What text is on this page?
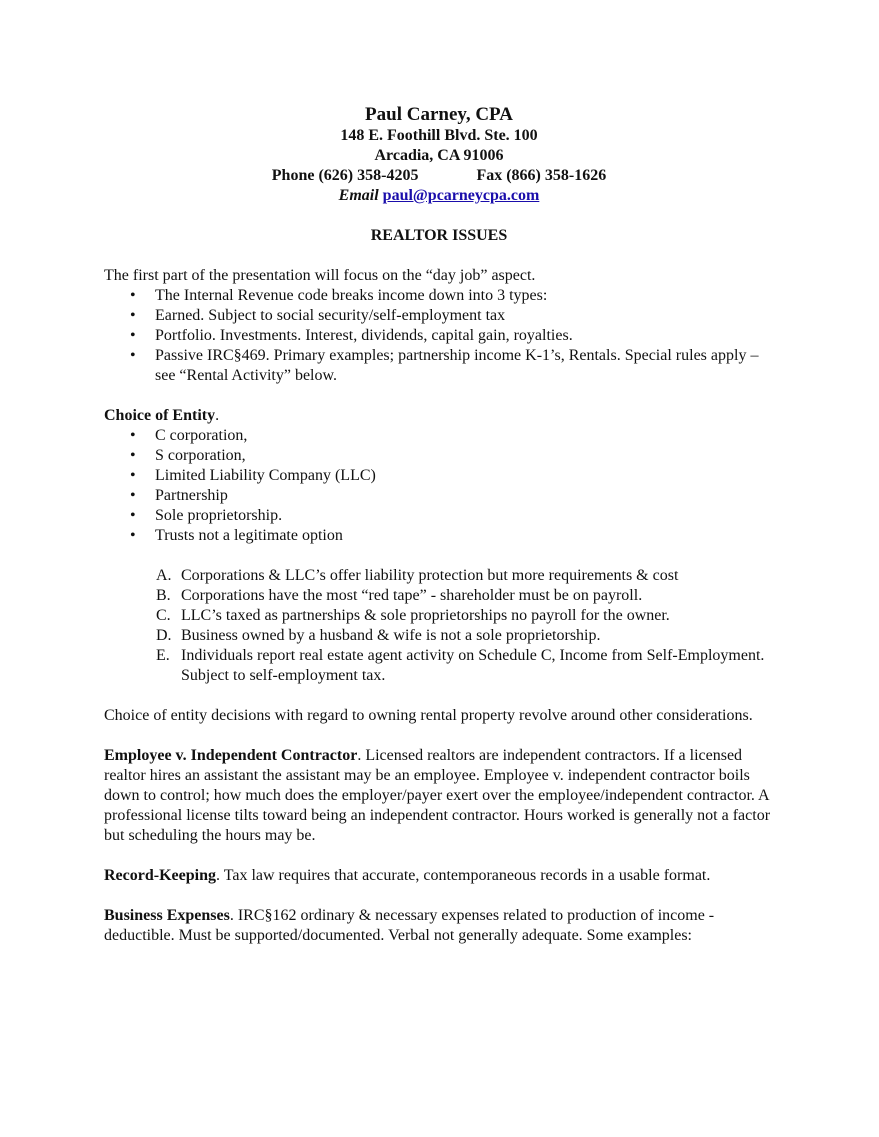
Paul Carney, CPA
148 E. Foothill Blvd. Ste. 100
Arcadia, CA 91006
Phone (626) 358-4205	Fax (866) 358-1626
Email paul@pcarneycpa.com
REALTOR ISSUES

The first part of the presentation will focus on the “day job” aspect.

• The Internal Revenue code breaks income down into 3 types:
• Earned. Subject to social security/self-employment tax
• Portfolio. Investments. Interest, dividends, capital gain, royalties.
• Passive IRC§469. Primary examples; partnership income K-1’s, Rentals. Special rules apply – see “Rental Activity” below.

Choice of Entity.

• C corporation,
• S corporation,
• Limited Liability Company (LLC)
• Partnership
• Sole proprietorship.
• Trusts not a legitimate option
A. Corporations & LLC’s offer liability protection but more requirements & cost
B. Corporations have the most “red tape” - shareholder must be on payroll.
C. LLC’s taxed as partnerships & sole proprietorships no payroll for the owner.
D. Business owned by a husband & wife is not a sole proprietorship.
E. Individuals report real estate agent activity on Schedule C, Income from Self-Employment. Subject to self-employment tax.

Choice of entity decisions with regard to owning rental property revolve around other considerations.

Employee v. Independent Contractor. Licensed realtors are independent contractors. If a licensed realtor hires an assistant the assistant may be an employee. Employee v. independent contractor boils down to control; how much does the employer/payer exert over the employee/independent contractor. A professional license tilts toward being an independent contractor. Hours worked is generally not a factor but scheduling the hours may be.

Record-Keeping. Tax law requires that accurate, contemporaneous records in a usable format.

Business Expenses. IRC§162 ordinary & necessary expenses related to production of income - deductible. Must be supported/documented. Verbal not generally adequate. Some examples:
